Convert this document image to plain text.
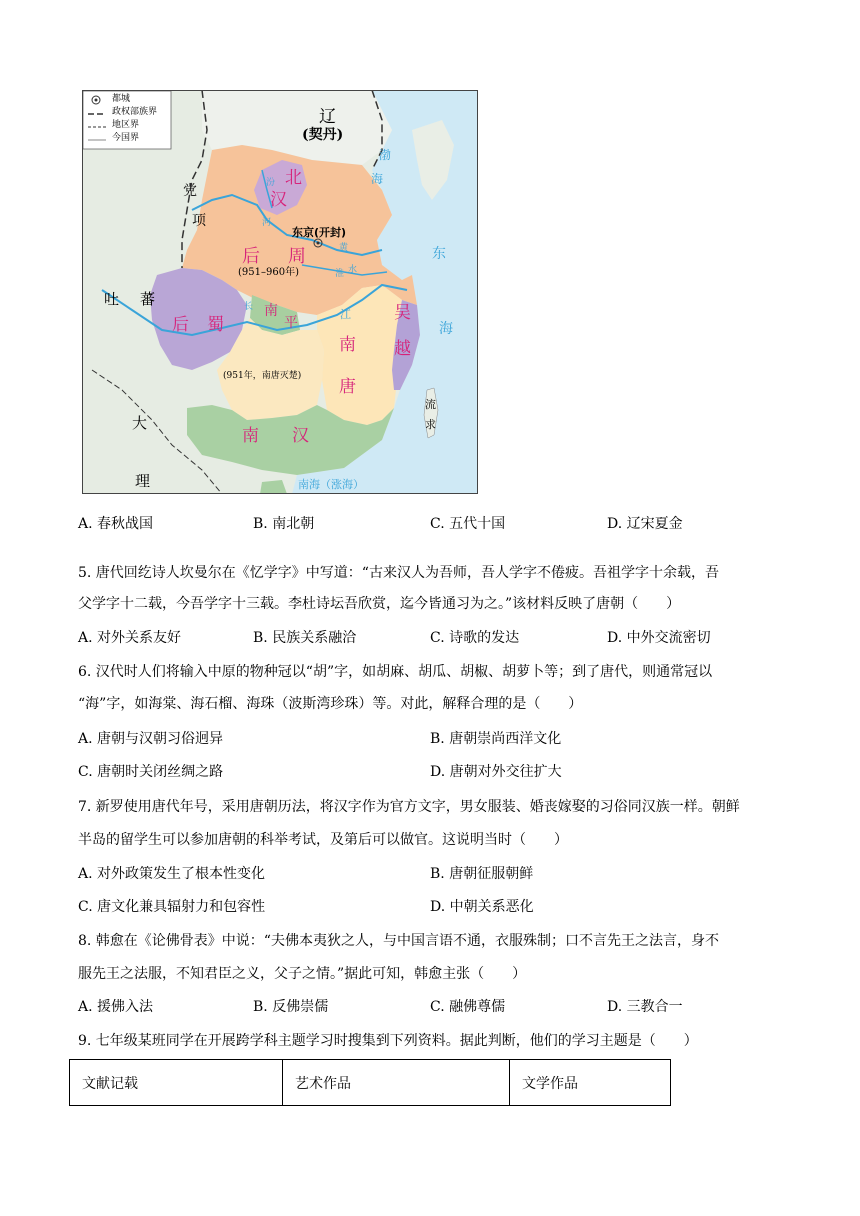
都城
政权部族界
地区界
今国界
辽
(契丹)
北
汉
后 周
(951–960年)
东京(开封)
后 蜀
南
平
(951年，南唐灭楚)
南
唐
吴
越
南 汉
吐 蕃
大
理
党
项
渤
海
东
海
流
求
南海（涨海）
汾
河
黄
淮 水
长
江
A. 春秋战国	B. 南北朝	C. 五代十国	D. 辽宋夏金
5. 唐代回纥诗人坎曼尔在《忆学字》中写道：“古来汉人为吾师，吾人学字不倦疲。吾祖学字十余载，吾
父学字十二载，今吾学字十三载。李杜诗坛吾欣赏，迄今皆通习为之。”该材料反映了唐朝（　　）
A. 对外关系友好	B. 民族关系融洽	C. 诗歌的发达	D. 中外交流密切
6. 汉代时人们将输入中原的物种冠以“胡”字，如胡麻、胡瓜、胡椒、胡萝卜等；到了唐代，则通常冠以
“海”字，如海棠、海石榴、海珠（波斯湾珍珠）等。对此，解释合理的是（　　）
A. 唐朝与汉朝习俗迥异	B. 唐朝崇尚西洋文化
C. 唐朝时关闭丝绸之路	D. 唐朝对外交往扩大
7. 新罗使用唐代年号，采用唐朝历法，将汉字作为官方文字，男女服装、婚丧嫁娶的习俗同汉族一样。朝鲜
半岛的留学生可以参加唐朝的科举考试，及第后可以做官。这说明当时（　　）
A. 对外政策发生了根本性变化	B. 唐朝征服朝鲜
C. 唐文化兼具辐射力和包容性	D. 中朝关系恶化
8. 韩愈在《论佛骨表》中说：“夫佛本夷狄之人，与中国言语不通，衣服殊制；口不言先王之法言，身不
服先王之法服，不知君臣之义，父子之情。”据此可知，韩愈主张（　　）
A. 援佛入法	B. 反佛崇儒	C. 融佛尊儒	D. 三教合一
9. 七年级某班同学在开展跨学科主题学习时搜集到下列资料。据此判断，他们的学习主题是（　　）
文献记载	艺术作品	文学作品
